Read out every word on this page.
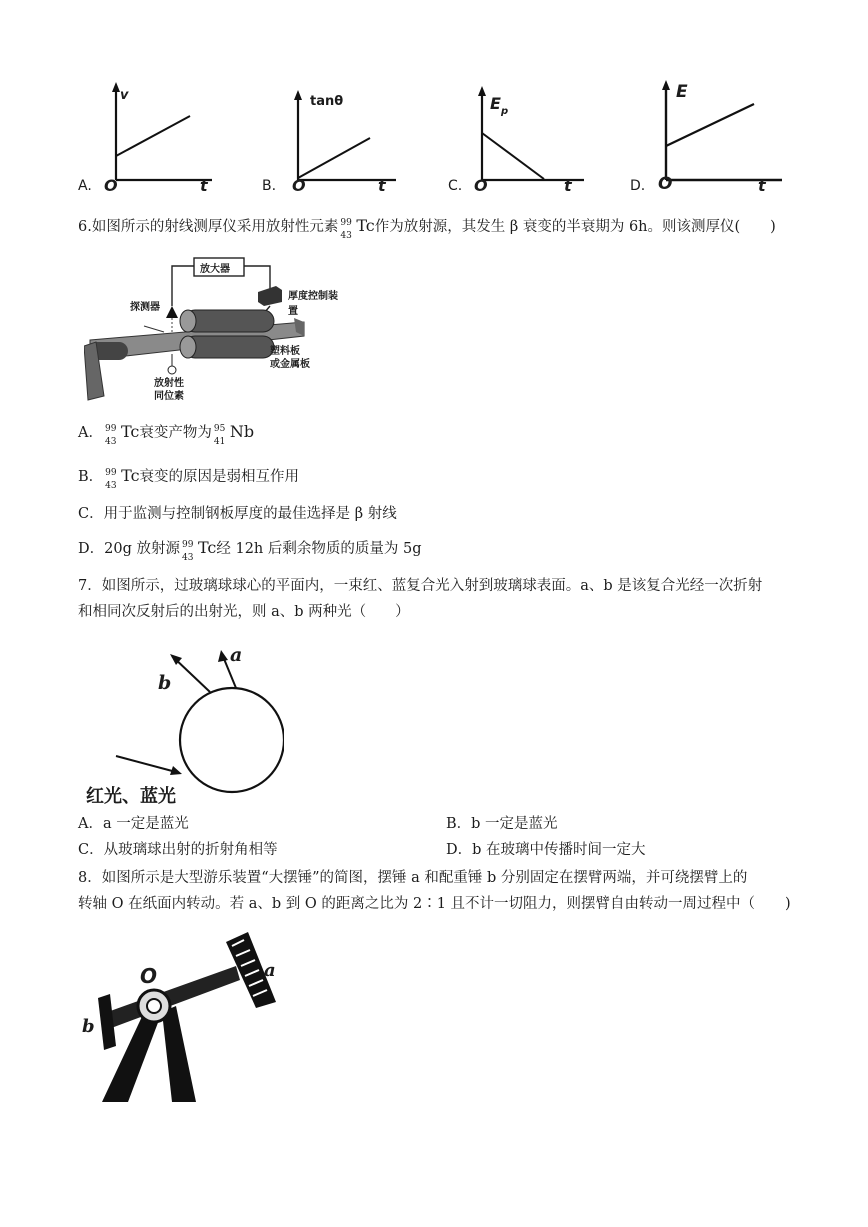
A.
v
O	t	B.
tanθ
O	t	C.
E p
O	t	D.
E
O	t
6.如图所示的射线测厚仪采用放射性元素 99
43
Tc作为放射源，其发生 β 衰变的半衰期为 6h。则该测厚仪( )
放大器
探测器
厚度控制装置
塑料板
或金属板
放射性
同位素
A． 99
43
Tc衰变产物为 95
41
Nb
B． 99
43
Tc衰变的原因是弱相互作用
C．用于监测与控制钢板厚度的最佳选择是 β 射线
D．20g 放射源 99
43
Tc经 12h 后剩余物质的质量为 5g
7．如图所示，过玻璃球球心的平面内，一束红、蓝复合光入射到玻璃球表面。a、b 是该复合光经一次折射
和相同次反射后的出射光，则 a、b 两种光（　　）
a
b
红光、蓝光
A．a 一定是蓝光	B．b 一定是蓝光
C．从玻璃球出射的折射角相等	D．b 在玻璃中传播时间一定大
8．如图所示是大型游乐装置“大摆锤”的简图，摆锤 a 和配重锤 b 分别固定在摆臂两端，并可绕摆臂上的
转轴 O 在纸面内转动。若 a、b 到 O 的距离之比为 2∶1 且不计一切阻力，则摆臂自由转动一周过程中（ )
O	a
b
